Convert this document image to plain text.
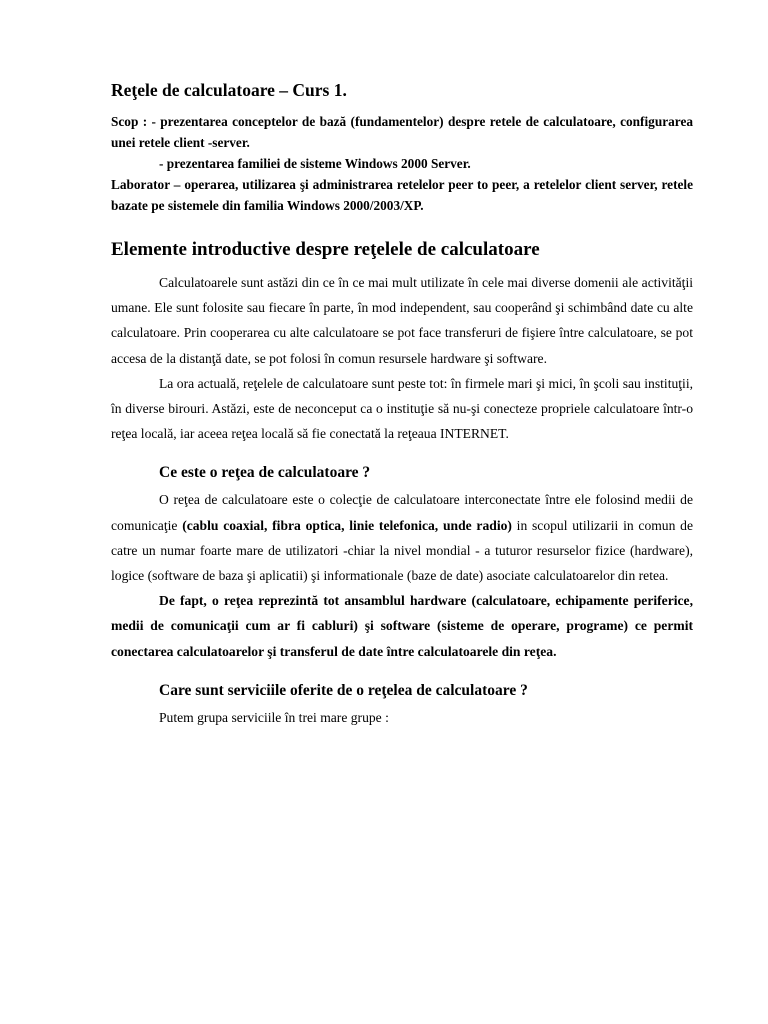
Reţele de calculatoare – Curs 1.

Scop : - prezentarea conceptelor de bază (fundamentelor) despre retele de calculatoare, configurarea unei retele client -server.

- prezentarea familiei de sisteme Windows 2000 Server.

Laborator – operarea, utilizarea şi administrarea retelelor peer to peer, a retelelor client server, retele bazate pe sistemele din familia Windows 2000/2003/XP.

Elemente introductive despre reţelele de calculatoare

Calculatoarele sunt astăzi din ce în ce mai mult utilizate în cele mai diverse domenii ale activităţii umane. Ele sunt folosite sau fiecare în parte, în mod independent, sau cooperând şi schimbând date cu alte calculatoare. Prin cooperarea cu alte calculatoare se pot face transferuri de fişiere între calculatoare, se pot accesa de la distanţă date, se pot folosi în comun resursele hardware şi software.

La ora actuală, reţelele de calculatoare sunt peste tot: în firmele mari şi mici, în şcoli sau instituţii, în diverse birouri. Astăzi, este de neconceput ca o instituţie să nu-şi conecteze propriele calculatoare într-o reţea locală, iar aceea reţea locală să fie conectată la reţeaua INTERNET.

Ce este o reţea de calculatoare ?

O reţea de calculatoare este o colecţie de calculatoare interconectate între ele folosind medii de comunicaţie (cablu coaxial, fibra optica, linie telefonica, unde radio) in scopul utilizarii in comun de catre un numar foarte mare de utilizatori -chiar la nivel mondial - a tuturor resurselor fizice (hardware), logice (software de baza şi aplicatii) şi informationale (baze de date) asociate calculatoarelor din retea.

De fapt, o reţea reprezintă tot ansamblul hardware (calculatoare, echipamente periferice, medii de comunicaţii cum ar fi cabluri) şi software (sisteme de operare, programe) ce permit conectarea calculatoarelor şi transferul de date între calculatoarele din reţea.

Care sunt serviciile oferite de o reţelea de calculatoare ?

Putem grupa serviciile în trei mare grupe :
